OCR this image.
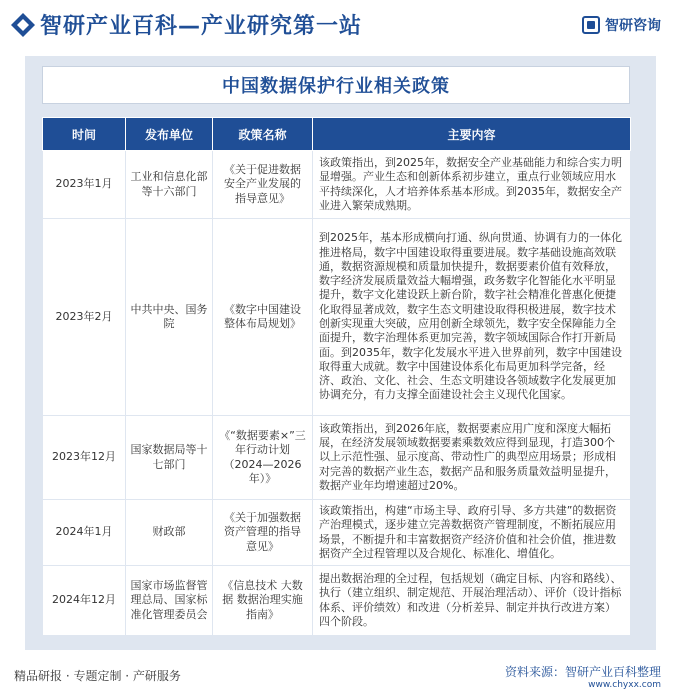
智研产业百科—产业研究第一站	智研咨询
中国数据保护行业相关政策
时间	发布单位	政策名称	主要内容
2023年1月	工业和信息化部等十六部门	《关于促进数据安全产业发展的指导意见》	该政策指出，到2025年，数据安全产业基础能力和综合实力明显增强。产业生态和创新体系初步建立，重点行业领域应用水平持续深化，人才培养体系基本形成。到2035年，数据安全产业进入繁荣成熟期。
2023年2月	中共中央、国务院	《数字中国建设整体布局规划》	到2025年，基本形成横向打通、纵向贯通、协调有力的一体化推进格局，数字中国建设取得重要进展。数字基础设施高效联通，数据资源规模和质量加快提升，数据要素价值有效释放，数字经济发展质量效益大幅增强，政务数字化智能化水平明显提升，数字文化建设跃上新台阶，数字社会精准化普惠化便捷化取得显著成效，数字生态文明建设取得积极进展，数字技术创新实现重大突破，应用创新全球领先，数字安全保障能力全面提升，数字治理体系更加完善，数字领域国际合作打开新局面。到2035年，数字化发展水平进入世界前列，数字中国建设取得重大成就。数字中国建设体系化布局更加科学完备，经济、政治、文化、社会、生态文明建设各领域数字化发展更加协调充分，有力支撑全面建设社会主义现代化国家。
2023年12月	国家数据局等十七部门	《“数据要素×”三年行动计划（2024—2026年）》	该政策指出，到2026年底，数据要素应用广度和深度大幅拓展，在经济发展领域数据要素乘数效应得到显现，打造300个以上示范性强、显示度高、带动性广的典型应用场景；形成相对完善的数据产业生态，数据产品和服务质量效益明显提升，数据产业年均增速超过20%。
2024年1月	财政部	《关于加强数据资产管理的指导意见》	该政策指出，构建“市场主导、政府引导、多方共建”的数据资产治理模式，逐步建立完善数据资产管理制度，不断拓展应用场景，不断提升和丰富数据资产经济价值和社会价值，推进数据资产全过程管理以及合规化、标准化、增值化。
2024年12月	国家市场监督管理总局、国家标准化管理委员会	《信息技术 大数据 数据治理实施指南》	提出数据治理的全过程，包括规划（确定目标、内容和路线）、执行（建立组织、制定规范、开展治理活动）、评价（设计指标体系、评价绩效）和改进（分析差异、制定并执行改进方案）四个阶段。
精品研报 · 专题定制 · 产研服务	资料来源：智研产业百科整理
www.chyxx.com
